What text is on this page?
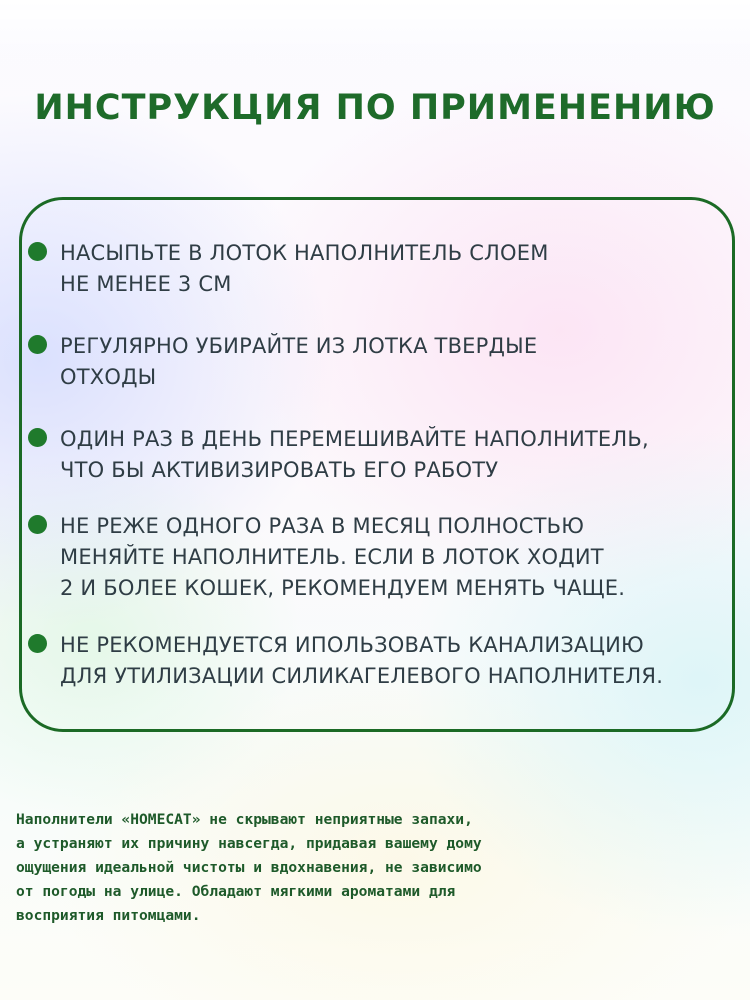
ИНСТРУКЦИЯ ПО ПРИМЕНЕНИЮ
НАСЫПЬТЕ В ЛОТОК НАПОЛНИТЕЛЬ СЛОЕМ
НЕ МЕНЕЕ 3 СМ
РЕГУЛЯРНО УБИРАЙТЕ ИЗ ЛОТКА ТВЕРДЫЕ
ОТХОДЫ
ОДИН РАЗ В ДЕНЬ ПЕРЕМЕШИВАЙТЕ НАПОЛНИТЕЛЬ,
ЧТО БЫ АКТИВИЗИРОВАТЬ ЕГО РАБОТУ
НЕ РЕЖЕ ОДНОГО РАЗА В МЕСЯЦ ПОЛНОСТЬЮ
МЕНЯЙТЕ НАПОЛНИТЕЛЬ. ЕСЛИ В ЛОТОК ХОДИТ
2 И БОЛЕЕ КОШЕК, РЕКОМЕНДУЕМ МЕНЯТЬ ЧАЩЕ.
НЕ РЕКОМЕНДУЕТСЯ ИПОЛЬЗОВАТЬ КАНАЛИЗАЦИЮ
ДЛЯ УТИЛИЗАЦИИ СИЛИКАГЕЛЕВОГО НАПОЛНИТЕЛЯ.
Наполнители «HOMECAT» не скрывают неприятные запахи,
а устраняют их причину навсегда, придавая вашему дому
ощущения идеальной чистоты и вдохнавения, не зависимо
от погоды на улице. Обладают мягкими ароматами для
восприятия питомцами.
